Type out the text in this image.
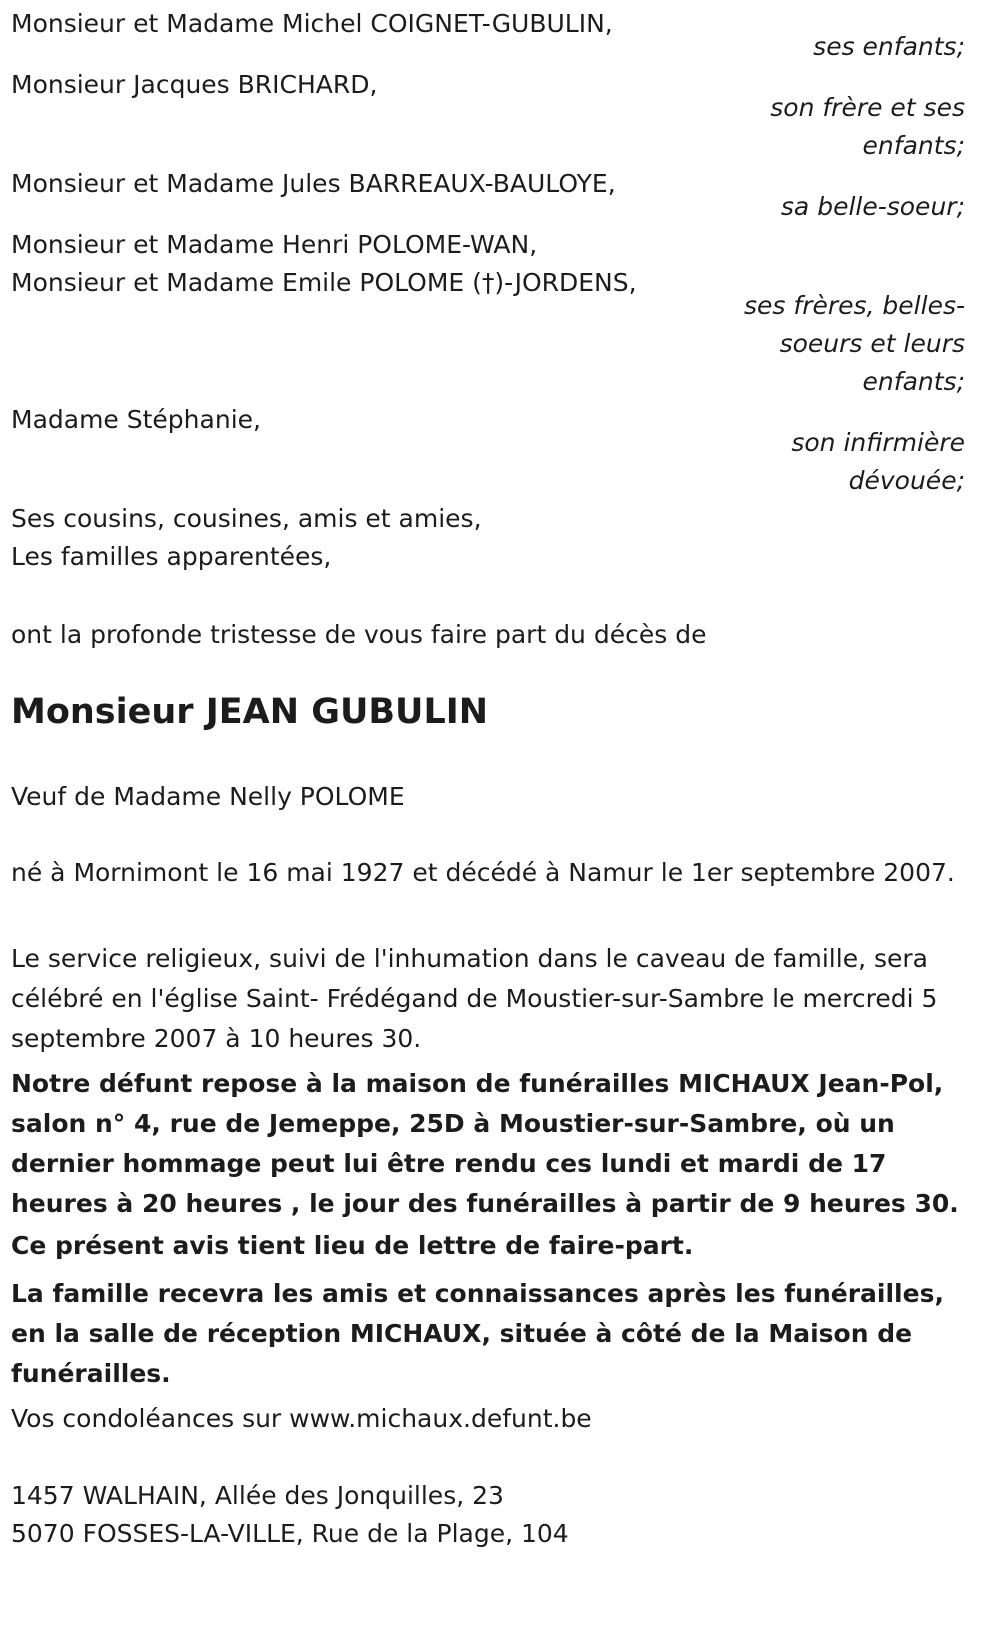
Monsieur et Madame Michel COIGNET-GUBULIN,
ses enfants;
Monsieur Jacques BRICHARD,
son frère et ses
enfants;
Monsieur et Madame Jules BARREAUX-BAULOYE,
sa belle-soeur;
Monsieur et Madame Henri POLOME-WAN,
Monsieur et Madame Emile POLOME (†)-JORDENS,
ses frères, belles-
soeurs et leurs
enfants;
Madame Stéphanie,
son infirmière
dévouée;
Ses cousins, cousines, amis et amies,
Les familles apparentées,
ont la profonde tristesse de vous faire part du décès de
Monsieur JEAN GUBULIN
Veuf de Madame Nelly POLOME
né à Mornimont le 16 mai 1927 et décédé à Namur le 1er septembre 2007.
Le service religieux, suivi de l'inhumation dans le caveau de famille, sera célébré en l'église Saint- Frédégand de Moustier-sur-Sambre le mercredi 5 septembre 2007 à 10 heures 30.
Notre défunt repose à la maison de funérailles MICHAUX Jean-Pol, salon n° 4, rue de Jemeppe, 25D à Moustier-sur-Sambre, où un dernier hommage peut lui être rendu ces lundi et mardi de 17 heures à 20 heures , le jour des funérailles à partir de 9 heures 30.
Ce présent avis tient lieu de lettre de faire-part.
La famille recevra les amis et connaissances après les funérailles, en la salle de réception MICHAUX, située à côté de la Maison de funérailles.
Vos condoléances sur www.michaux.defunt.be
1457 WALHAIN, Allée des Jonquilles, 23
5070 FOSSES-LA-VILLE, Rue de la Plage, 104
